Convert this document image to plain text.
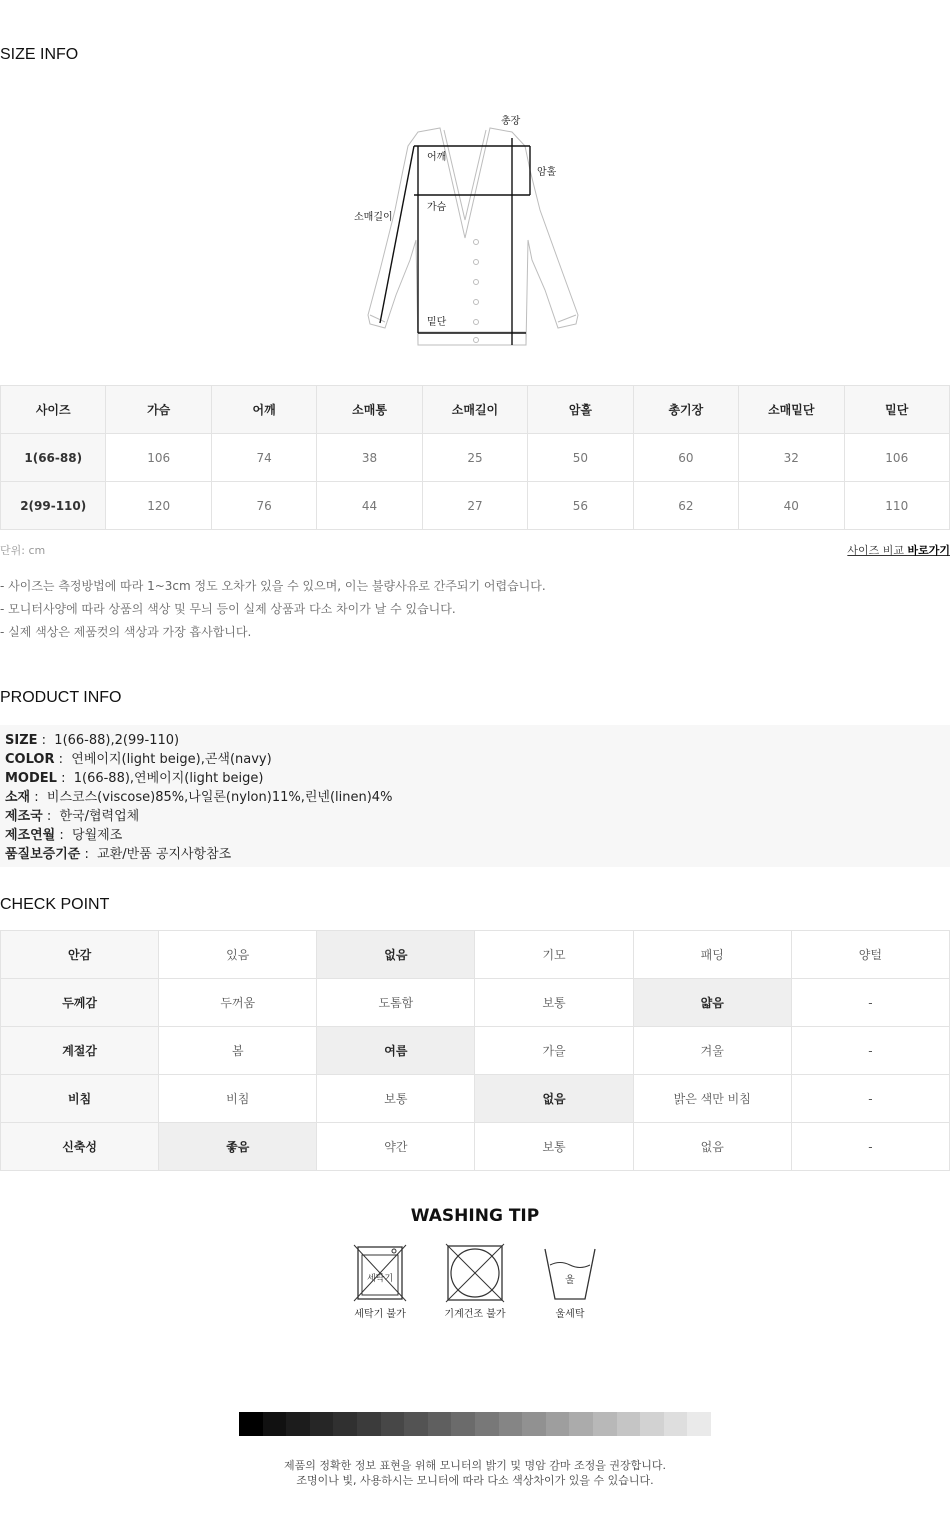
SIZE INFO
총장
어깨
암홀
가슴
소매길이
밑단
사이즈	가슴	어깨	소매통	소매길이	암홀	총기장	소매밑단	밑단
1(66-88)	106	74	38	25	50	60	32	106
2(99-110)	120	76	44	27	56	62	40	110
단위: cm	사이즈 비교 바로가기
- 사이즈는 측정방법에 따라 1~3cm 정도 오차가 있을 수 있으며, 이는 불량사유로 간주되기 어렵습니다.
- 모니터사양에 따라 상품의 색상 및 무늬 등이 실제 상품과 다소 차이가 날 수 있습니다.
- 실제 색상은 제품컷의 색상과 가장 흡사합니다.
PRODUCT INFO
SIZE :  1(66-88),2(99-110)
COLOR :  연베이지(light beige),곤색(navy)
MODEL :  1(66-88),연베이지(light beige)
소재 :  비스코스(viscose)85%,나일론(nylon)11%,린넨(linen)4%
제조국 :  한국/협력업체
제조연월 :  당월제조
품질보증기준 :  교환/반품 공지사항참조
CHECK POINT
안감	있음	없음	기모	패딩	양털
두께감	두꺼움	도톰함	보통	얇음	-
계절감	봄	여름	가을	겨울	-
비침	비침	보통	없음	밝은 색만 비침	-
신축성	좋음	약간	보통	없음	-
WASHING TIP
세탁기
세탁기 불가	기계건조 불가
울
울세탁
제품의 정확한 정보 표현을 위해 모니터의 밝기 및 명암 감마 조정을 권장합니다.
조명이나 빛, 사용하시는 모니터에 따라 다소 색상차이가 있을 수 있습니다.
